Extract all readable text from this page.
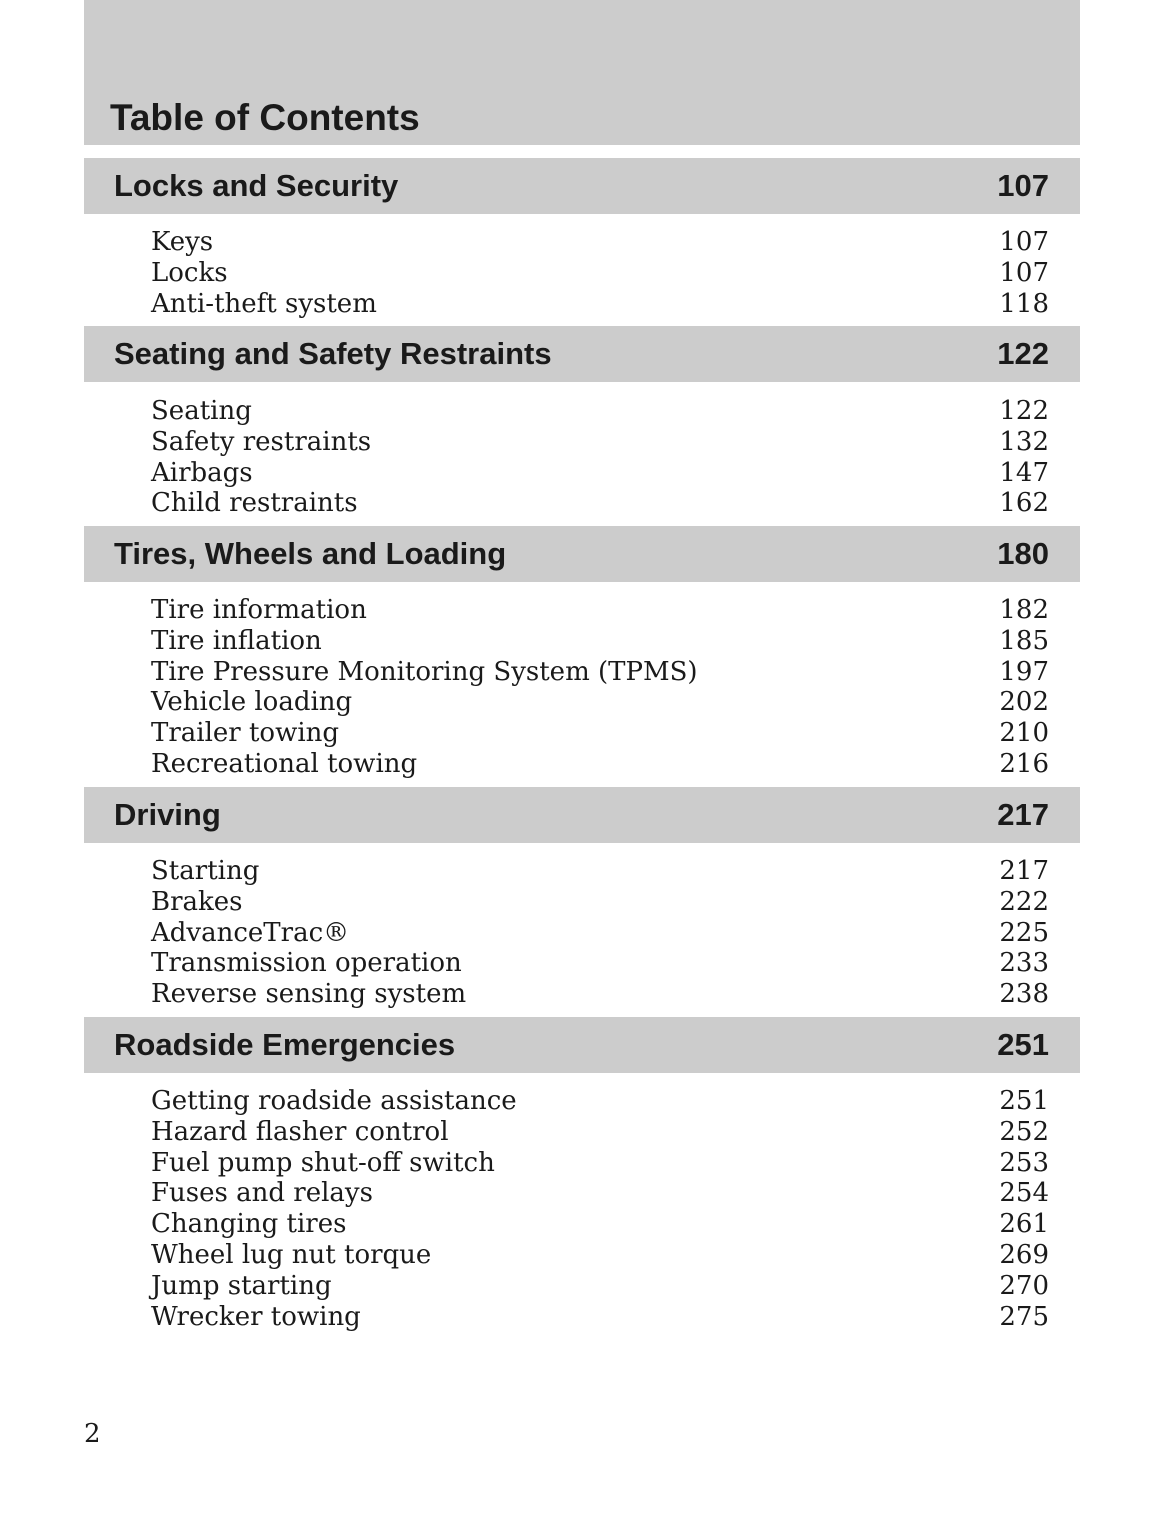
Table of Contents
Locks and Security	107
Keys	107
Locks	107
Anti-theft system	118
Seating and Safety Restraints	122
Seating	122
Safety restraints	132
Airbags	147
Child restraints	162
Tires, Wheels and Loading	180
Tire information	182
Tire inflation	185
Tire Pressure Monitoring System (TPMS)	197
Vehicle loading	202
Trailer towing	210
Recreational towing	216
Driving	217
Starting	217
Brakes	222
AdvanceTrac®	225
Transmission operation	233
Reverse sensing system	238
Roadside Emergencies	251
Getting roadside assistance	251
Hazard flasher control	252
Fuel pump shut-off switch	253
Fuses and relays	254
Changing tires	261
Wheel lug nut torque	269
Jump starting	270
Wrecker towing	275
2
